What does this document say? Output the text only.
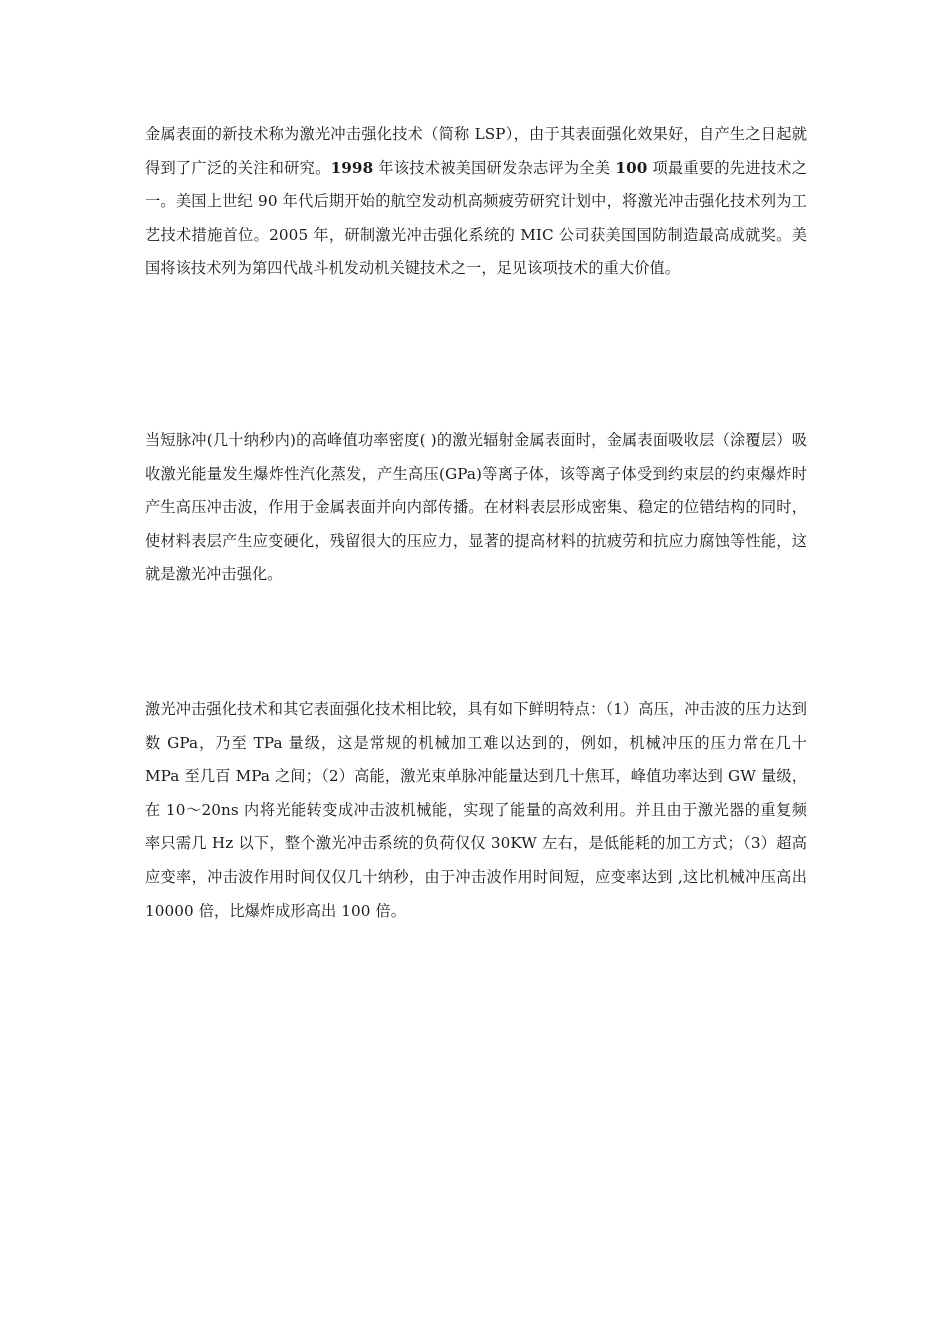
金属表面的新技术称为激光冲击强化技术（简称 LSP），由于其表面强化效果好，自产生之日起就得到了广泛的关注和研究。1998 年该技术被美国研发杂志评为全美 100 项最重要的先进技术之一。美国上世纪 90 年代后期开始的航空发动机高频疲劳研究计划中，将激光冲击强化技术列为工艺技术措施首位。2005 年，研制激光冲击强化系统的 MIC 公司获美国国防制造最高成就奖。美国将该技术列为第四代战斗机发动机关键技术之一，足见该项技术的重大价值。

当短脉冲(几十纳秒内)的高峰值功率密度( )的激光辐射金属表面时，金属表面吸收层（涂覆层）吸收激光能量发生爆炸性汽化蒸发，产生高压(GPa)等离子体，该等离子体受到约束层的约束爆炸时产生高压冲击波，作用于金属表面并向内部传播。在材料表层形成密集、稳定的位错结构的同时，使材料表层产生应变硬化，残留很大的压应力，显著的提高材料的抗疲劳和抗应力腐蚀等性能，这就是激光冲击强化。

激光冲击强化技术和其它表面强化技术相比较，具有如下鲜明特点：（1）高压，冲击波的压力达到数 GPa，乃至 TPa 量级，这是常规的机械加工难以达到的，例如，机械冲压的压力常在几十 MPa 至几百 MPa 之间；（2）高能，激光束单脉冲能量达到几十焦耳，峰值功率达到 GW 量级，在 10～20ns 内将光能转变成冲击波机械能，实现了能量的高效利用。并且由于激光器的重复频率只需几 Hz 以下，整个激光冲击系统的负荷仅仅 30KW 左右，是低能耗的加工方式；（3）超高应变率，冲击波作用时间仅仅几十纳秒，由于冲击波作用时间短，应变率达到 ,这比机械冲压高出 10000 倍，比爆炸成形高出 100 倍。
